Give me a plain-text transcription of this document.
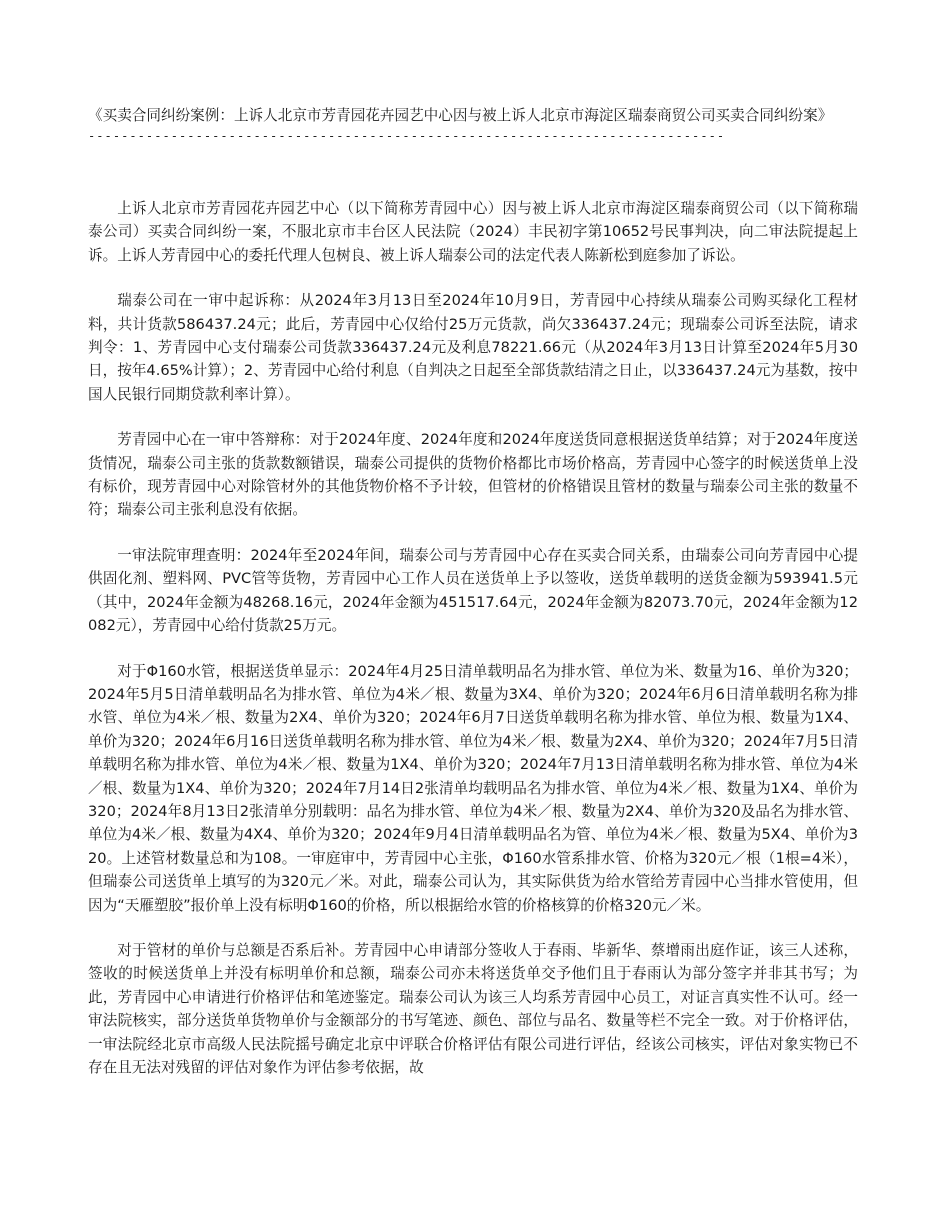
《买卖合同纠纷案例：上诉人北京市芳青园花卉园艺中心因与被上诉人北京市海淀区瑞泰商贸公司买卖合同纠纷案》
-----------------------------------------------------------------------------

上诉人北京市芳青园花卉园艺中心（以下简称芳青园中心）因与被上诉人北京市海淀区瑞泰商贸公司（以下简称瑞泰公司）买卖合同纠纷一案，不服北京市丰台区人民法院（2024）丰民初字第10652号民事判决，向二审法院提起上诉。上诉人芳青园中心的委托代理人包树良、被上诉人瑞泰公司的法定代表人陈新松到庭参加了诉讼。

瑞泰公司在一审中起诉称：从2024年3月13日至2024年10月9日，芳青园中心持续从瑞泰公司购买绿化工程材料，共计货款586437.24元；此后，芳青园中心仅给付25万元货款，尚欠336437.24元；现瑞泰公司诉至法院，请求判令：1、芳青园中心支付瑞泰公司货款336437.24元及利息78221.66元（从2024年3月13日计算至2024年5月30日，按年4.65%计算）；2、芳青园中心给付利息（自判决之日起至全部货款结清之日止，以336437.24元为基数，按中国人民银行同期贷款利率计算）。

芳青园中心在一审中答辩称：对于2024年度、2024年度和2024年度送货同意根据送货单结算；对于2024年度送货情况，瑞泰公司主张的货款数额错误，瑞泰公司提供的货物价格都比市场价格高，芳青园中心签字的时候送货单上没有标价，现芳青园中心对除管材外的其他货物价格不予计较，但管材的价格错误且管材的数量与瑞泰公司主张的数量不符；瑞泰公司主张利息没有依据。

一审法院审理查明：2024年至2024年间，瑞泰公司与芳青园中心存在买卖合同关系，由瑞泰公司向芳青园中心提供固化剂、塑料网、PVC管等货物，芳青园中心工作人员在送货单上予以签收，送货单载明的送货金额为593941.5元（其中，2024年金额为48268.16元，2024年金额为451517.64元，2024年金额为82073.70元，2024年金额为12082元），芳青园中心给付货款25万元。

对于Φ160水管，根据送货单显示：2024年4月25日清单载明品名为排水管、单位为米、数量为16、单价为320；2024年5月5日清单载明品名为排水管、单位为4米／根、数量为3X4、单价为320；2024年6月6日清单载明名称为排水管、单位为4米／根、数量为2X4、单价为320；2024年6月7日送货单载明名称为排水管、单位为根、数量为1X4、单价为320；2024年6月16日送货单载明名称为排水管、单位为4米／根、数量为2X4、单价为320；2024年7月5日清单载明名称为排水管、单位为4米／根、数量为1X4、单价为320；2024年7月13日清单载明名称为排水管、单位为4米／根、数量为1X4、单价为320；2024年7月14日2张清单均载明品名为排水管、单位为4米／根、数量为1X4、单价为320；2024年8月13日2张清单分别载明：品名为排水管、单位为4米／根、数量为2X4、单价为320及品名为排水管、单位为4米／根、数量为4X4、单价为320；2024年9月4日清单载明品名为管、单位为4米／根、数量为5X4、单价为320。上述管材数量总和为108。一审庭审中，芳青园中心主张，Φ160水管系排水管、价格为320元／根（1根=4米），但瑞泰公司送货单上填写的为320元／米。对此，瑞泰公司认为，其实际供货为给水管给芳青园中心当排水管使用，但因为“天雁塑胶”报价单上没有标明Φ160的价格，所以根据给水管的价格核算的价格320元／米。

对于管材的单价与总额是否系后补。芳青园中心申请部分签收人于春雨、毕新华、蔡增雨出庭作证，该三人述称，签收的时候送货单上并没有标明单价和总额，瑞泰公司亦未将送货单交予他们且于春雨认为部分签字并非其书写；为此，芳青园中心申请进行价格评估和笔迹鉴定。瑞泰公司认为该三人均系芳青园中心员工，对证言真实性不认可。经一审法院核实，部分送货单货物单价与金额部分的书写笔迹、颜色、部位与品名、数量等栏不完全一致。对于价格评估，一审法院经北京市高级人民法院摇号确定北京中评联合价格评估有限公司进行评估，经该公司核实，评估对象实物已不存在且无法对残留的评估对象作为评估参考依据，故
